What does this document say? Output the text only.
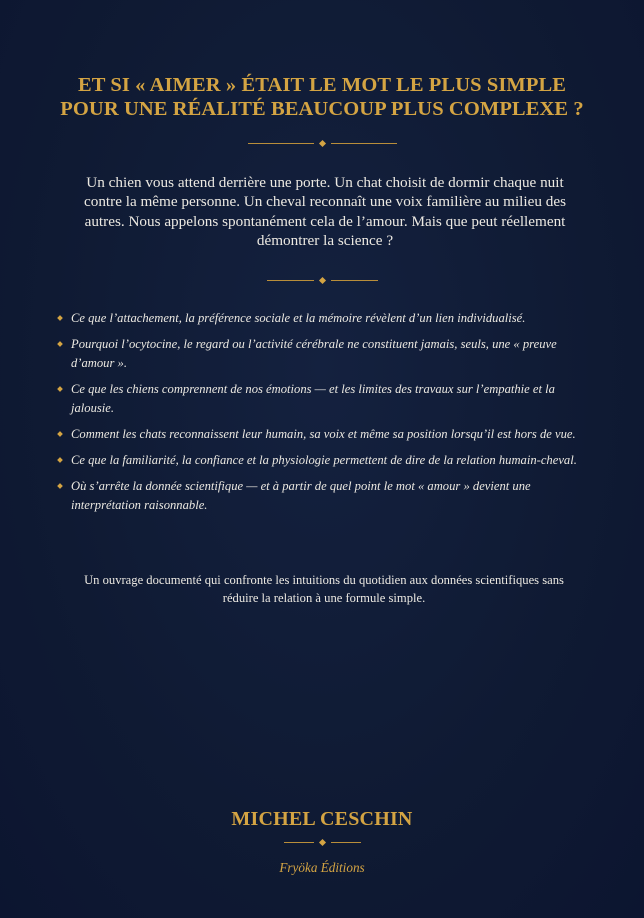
ET SI « AIMER » ÉTAIT LE MOT LE PLUS SIMPLE
POUR UNE RÉALITÉ BEAUCOUP PLUS COMPLEXE ?

Un chien vous attend derrière une porte. Un chat choisit de dormir chaque nuit contre la même personne. Un cheval reconnaît une voix familière au milieu des autres. Nous appelons spontanément cela de l’amour. Mais que peut réellement démontrer la science ?

Ce que l’attachement, la préférence sociale et la mémoire révèlent d’un lien individualisé.
Pourquoi l’ocytocine, le regard ou l’activité cérébrale ne constituent jamais, seuls, une « preuve d’amour ».
Ce que les chiens comprennent de nos émotions — et les limites des travaux sur l’empathie et la jalousie.
Comment les chats reconnaissent leur humain, sa voix et même sa position lorsqu’il est hors de vue.
Ce que la familiarité, la confiance et la physiologie permettent de dire de la relation humain-cheval.
Où s’arrête la donnée scientifique — et à partir de quel point le mot « amour » devient une interprétation raisonnable.

Un ouvrage documenté qui confronte les intuitions du quotidien aux données scientifiques sans réduire la relation à une formule simple.

MICHEL CESCHIN
Fryöka Éditions
